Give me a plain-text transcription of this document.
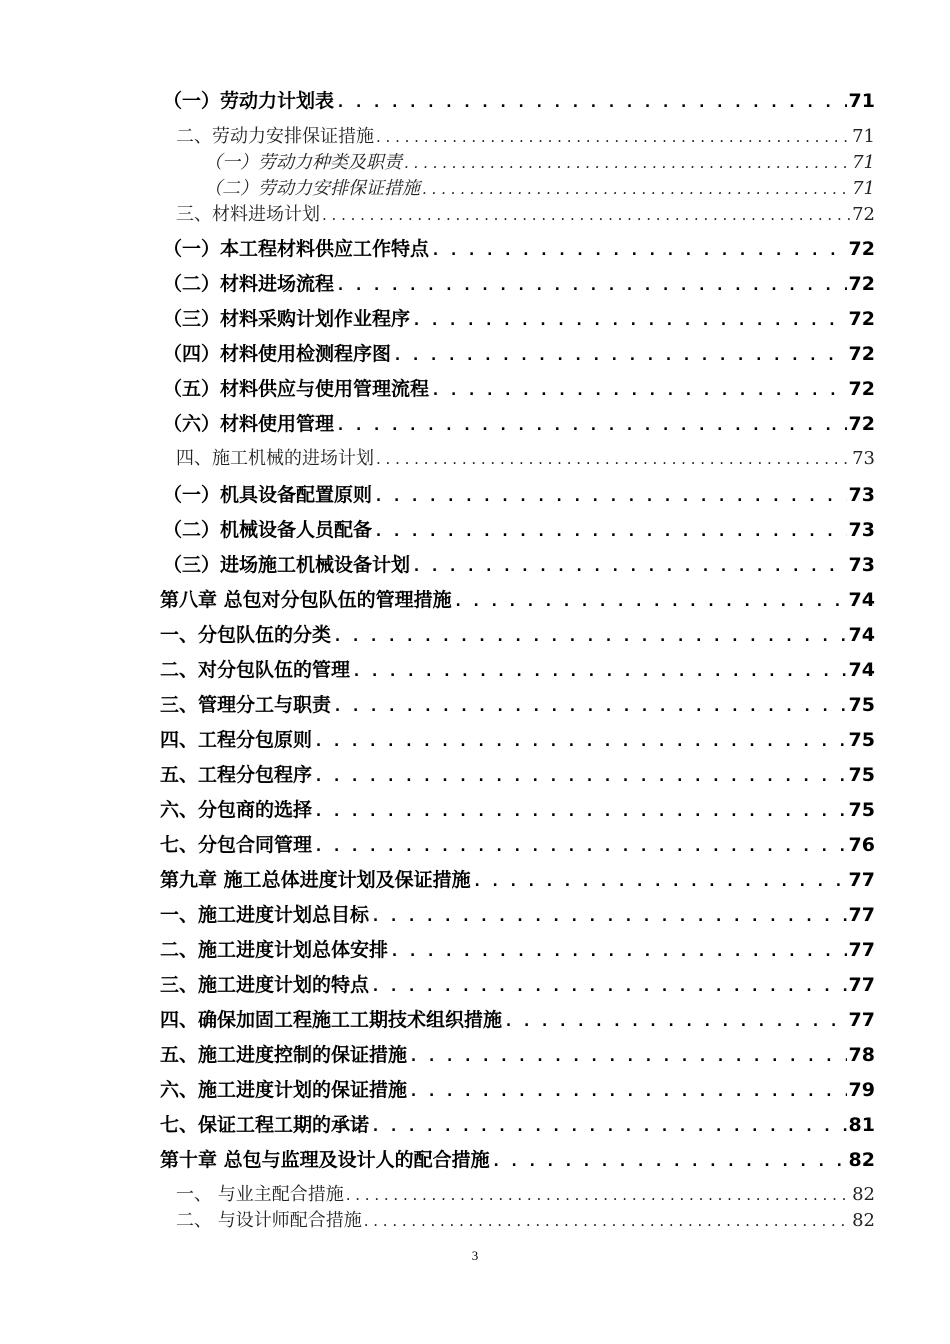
（一）劳动力计划表 . . .	71
二、劳动力安排保证措施 . . .	71
（一）劳动力种类及职责 . . .	71
（二）劳动力安排保证措施 . . .	71
三、材料进场计划 . . .	72
（一）本工程材料供应工作特点 . . .	72
（二）材料进场流程 . . .	72
（三）材料采购计划作业程序 . . .	72
（四）材料使用检测程序图 . . .	72
（五）材料供应与使用管理流程 . . .	72
（六）材料使用管理 . . .	72
四、施工机械的进场计划 . . .	73
（一）机具设备配置原则 . . .	73
（二）机械设备人员配备 . . .	73
（三）进场施工机械设备计划 . . .	73
第八章 总包对分包队伍的管理措施 . . .	74
一、分包队伍的分类 . . .	74
二、对分包队伍的管理 . . .	74
三、管理分工与职责 . . .	75
四、工程分包原则 . . .	75
五、工程分包程序 . . .	75
六、分包商的选择 . . .	75
七、分包合同管理 . . .	76
第九章 施工总体进度计划及保证措施 . . .	77
一、施工进度计划总目标 . . .	77
二、施工进度计划总体安排 . . .	77
三、施工进度计划的特点 . . .	77
四、确保加固工程施工工期技术组织措施 . . .	77
五、施工进度控制的保证措施 . . .	78
六、施工进度计划的保证措施 . . .	79
七、保证工程工期的承诺 . . .	81
第十章 总包与监理及设计人的配合措施 . . .	82
一、 与业主配合措施 . . .	82
二、 与设计师配合措施 . . .	82
3
